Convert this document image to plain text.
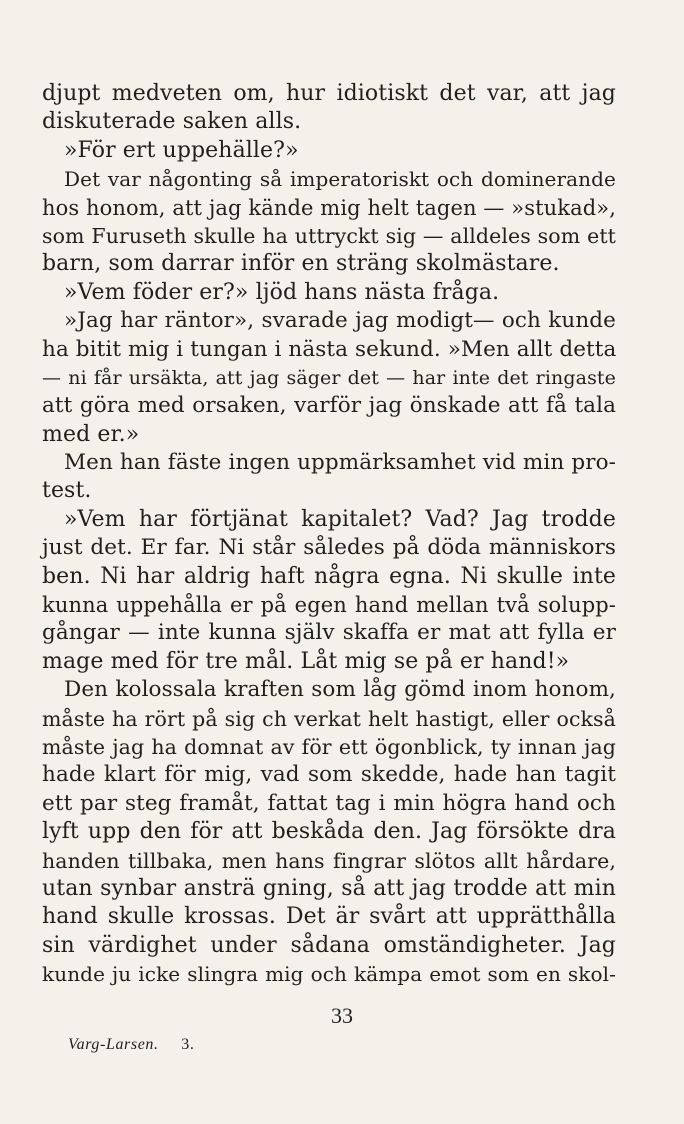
djupt medveten om, hur idiotiskt det var, att jag
diskuterade saken alls.
»För ert uppehälle?»
Det var någonting så imperatoriskt och dominerande
hos honom, att jag kände mig helt tagen — »stukad»,
som Furuseth skulle ha uttryckt sig — alldeles som ett
barn, som darrar inför en sträng skolmästare.
»Vem föder er?» ljöd hans nästa fråga.
»Jag har räntor», svarade jag modigt— och kunde
ha bitit mig i tungan i nästa sekund. »Men allt detta
— ni får ursäkta, att jag säger det — har inte det ringaste
att göra med orsaken, varför jag önskade att få tala
med er.»
Men han fäste ingen uppmärksamhet vid min pro-
test.
»Vem har förtjänat kapitalet? Vad? Jag trodde
just det. Er far. Ni står således på döda människors
ben. Ni har aldrig haft några egna. Ni skulle inte
kunna uppehålla er på egen hand mellan två solupp-
gångar — inte kunna själv skaffa er mat att fylla er
mage med för tre mål. Låt mig se på er hand!»
Den kolossala kraften som låg gömd inom honom,
måste ha rört på sig ch verkat helt hastigt, eller också
måste jag ha domnat av för ett ögonblick, ty innan jag
hade klart för mig, vad som skedde, hade han tagit
ett par steg framåt, fattat tag i min högra hand och
lyft upp den för att beskåda den. Jag försökte dra
handen tillbaka, men hans fingrar slötos allt hårdare,
utan synbar ansträ gning, så att jag trodde att min
hand skulle krossas. Det är svårt att upprätthålla
sin värdighet under sådana omständigheter. Jag
kunde ju icke slingra mig och kämpa emot som en skol-
33
Varg-Larsen. 3.
